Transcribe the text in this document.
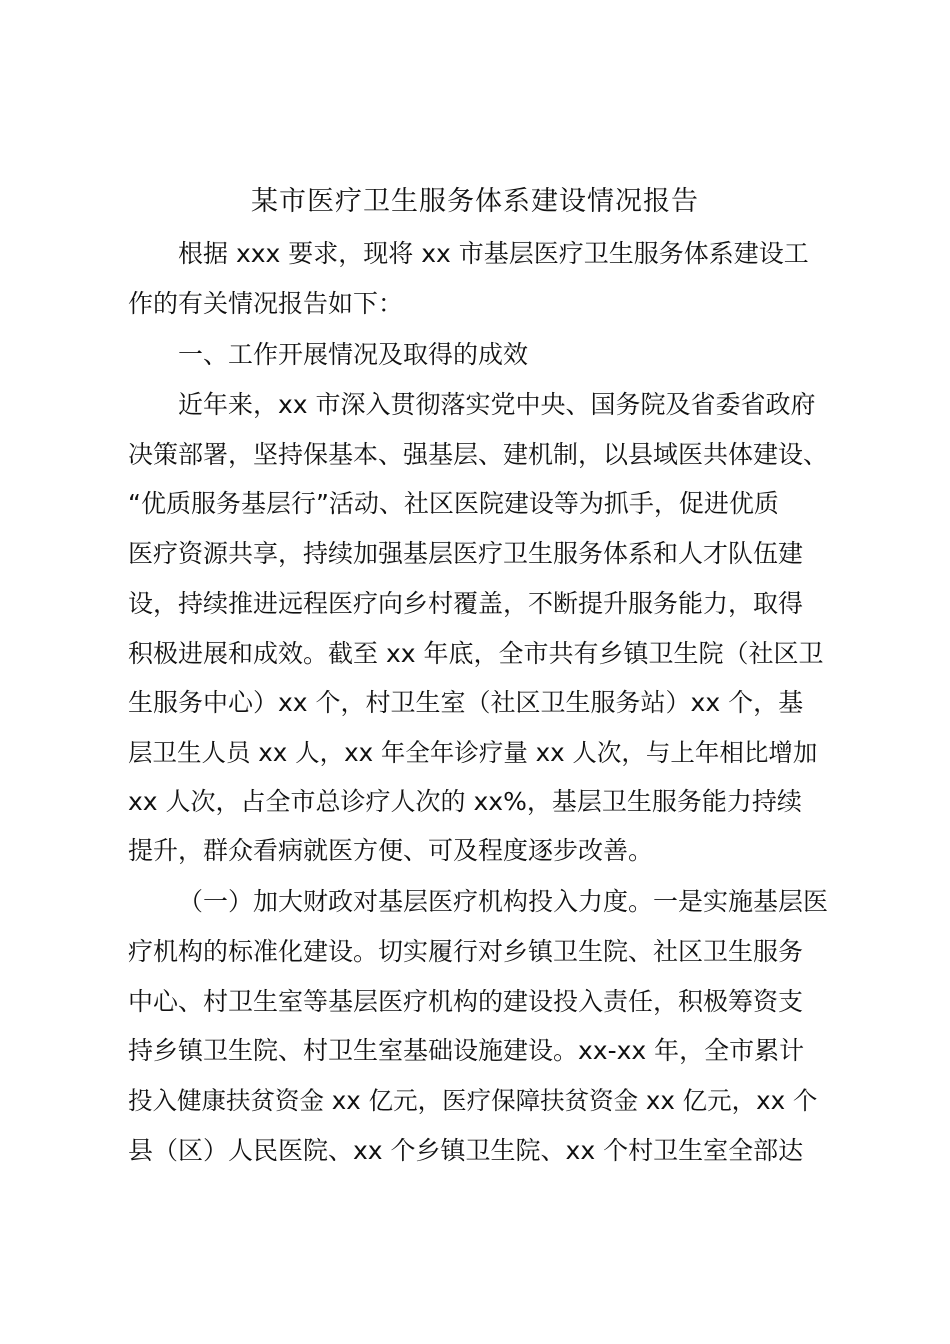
某市医疗卫生服务体系建设情况报告
根据 xxx 要求，现将 xx 市基层医疗卫生服务体系建设工
作的有关情况报告如下：
一、工作开展情况及取得的成效
近年来，xx 市深入贯彻落实党中央、国务院及省委省政府
决策部署，坚持保基本、强基层、建机制，以县域医共体建设、
“优质服务基层行”活动、社区医院建设等为抓手，促进优质
医疗资源共享，持续加强基层医疗卫生服务体系和人才队伍建
设，持续推进远程医疗向乡村覆盖，不断提升服务能力，取得
积极进展和成效。截至 xx 年底，全市共有乡镇卫生院（社区卫
生服务中心）xx 个，村卫生室（社区卫生服务站）xx 个，基
层卫生人员 xx 人，xx 年全年诊疗量 xx 人次，与上年相比增加
xx 人次，占全市总诊疗人次的 xx%，基层卫生服务能力持续
提升，群众看病就医方便、可及程度逐步改善。
（一）加大财政对基层医疗机构投入力度。一是实施基层医
疗机构的标准化建设。切实履行对乡镇卫生院、社区卫生服务
中心、村卫生室等基层医疗机构的建设投入责任，积极筹资支
持乡镇卫生院、村卫生室基础设施建设。xx-xx 年，全市累计
投入健康扶贫资金 xx 亿元，医疗保障扶贫资金 xx 亿元，xx 个
县（区）人民医院、xx 个乡镇卫生院、xx 个村卫生室全部达
